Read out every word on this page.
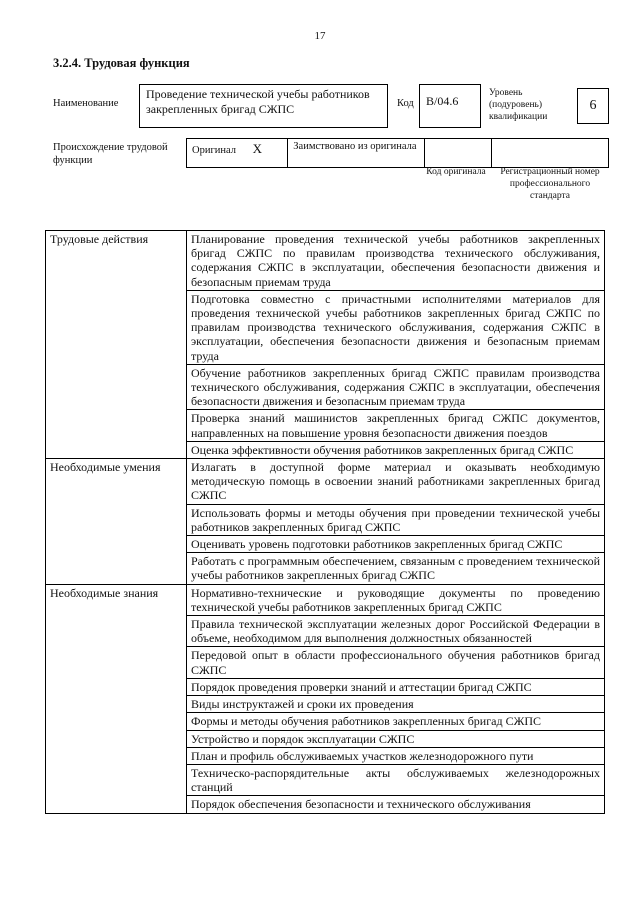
17
3.2.4. Трудовая функция
Наименование
Проведение технической учебы работников закрепленных бригад СЖПС	Код	B/04.6
Уровень (подуровень) квалификации
6
Происхождение трудовой функции
Оригинал X	Заимствовано из оригинала		
Код оригинала	Регистрационный номер профессионального стандарта
Трудовые действия	Планирование проведения технической учебы работников закрепленных бригад СЖПС по правилам производства технического обслуживания, содержания СЖПС в эксплуатации, обеспечения безопасности движения и безопасным приемам труда
	Подготовка совместно с причастными исполнителями материалов для проведения технической учебы работников закрепленных бригад СЖПС по правилам производства технического обслуживания, содержания СЖПС в эксплуатации, обеспечения безопасности движения и безопасным приемам труда
	Обучение работников закрепленных бригад СЖПС правилам производства технического обслуживания, содержания СЖПС в эксплуатации, обеспечения безопасности движения и безопасным приемам труда
	Проверка знаний машинистов закрепленных бригад СЖПС документов, направленных на повышение уровня безопасности движения поездов
	Оценка эффективности обучения работников закрепленных бригад СЖПС
Необходимые умения	Излагать в доступной форме материал и оказывать необходимую методическую помощь в освоении знаний работниками закрепленных бригад СЖПС
	Использовать формы и методы обучения при проведении технической учебы работников закрепленных бригад СЖПС
	Оценивать уровень подготовки работников закрепленных бригад СЖПС
	Работать с программным обеспечением, связанным с проведением технической учебы работников закрепленных бригад СЖПС
Необходимые знания	Нормативно-технические и руководящие документы по проведению технической учебы работников закрепленных бригад СЖПС
	Правила технической эксплуатации железных дорог Российской Федерации в объеме, необходимом для выполнения должностных обязанностей
	Передовой опыт в области профессионального обучения работников бригад СЖПС
	Порядок проведения проверки знаний и аттестации бригад СЖПС
	Виды инструктажей и сроки их проведения
	Формы и методы обучения работников закрепленных бригад СЖПС
	Устройство и порядок эксплуатации СЖПС
	План и профиль обслуживаемых участков железнодорожного пути
	Техническо-распорядительные акты обслуживаемых железнодорожных станций
	Порядок обеспечения безопасности и технического обслуживания
